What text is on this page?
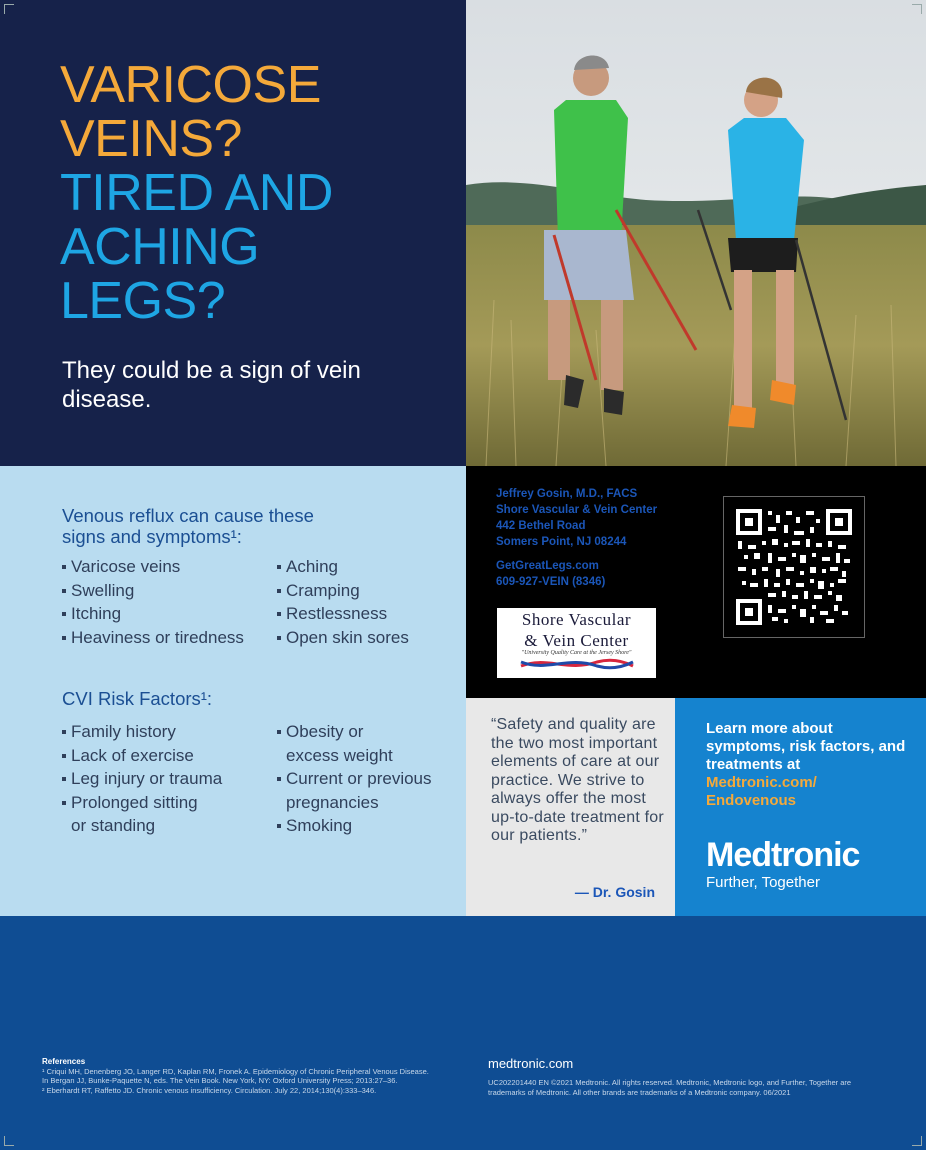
VARICOSE
VEINS?
TIRED AND
ACHING
LEGS?
They could be a sign of vein disease.
Venous reflux can cause these
signs and symptoms¹:
Varicose veins
Swelling
Itching
Heaviness or tiredness
Aching
Cramping
Restlessness
Open skin sores
CVI Risk Factors¹:
Family history
Lack of exercise
Leg injury or trauma
Prolonged sitting
or standing
Obesity or
excess weight
Current or previous
pregnancies
Smoking
Jeffrey Gosin, M.D., FACS
Shore Vascular & Vein Center
442 Bethel Road
Somers Point, NJ 08244
GetGreatLegs.com
609-927-VEIN (8346)
Shore Vascular
& Vein Center
"University Quality Care at the Jersey Shore"
“Safety and quality are the two most important elements of care at our practice. We strive to always offer the most up-to-date treatment for our patients.”
— Dr. Gosin
Learn more about symptoms, risk factors, and treatments at
Medtronic.com/
Endovenous
Medtronic
Further, Together
References
¹ Criqui MH, Denenberg JO, Langer RD, Kaplan RM, Fronek A. Epidemiology of Chronic Peripheral Venous Disease. In Bergan JJ, Bunke-Paquette N, eds. The Vein Book. New York, NY: Oxford University Press; 2013:27–36.
² Eberhardt RT, Raffetto JD. Chronic venous insufficiency. Circulation. July 22, 2014;130(4):333–346.
medtronic.com
UC202201440 EN ©2021 Medtronic. All rights reserved. Medtronic, Medtronic logo, and Further, Together are trademarks of Medtronic. All other brands are trademarks of a Medtronic company. 06/2021
